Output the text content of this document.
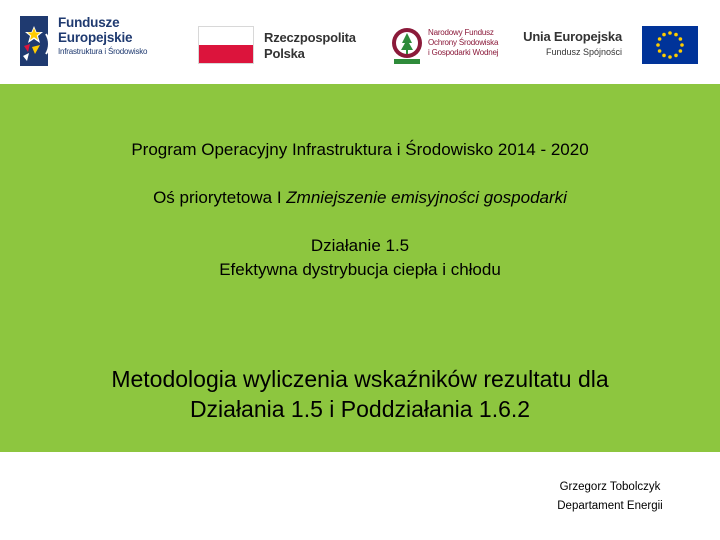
Fundusze
Europejskie
Infrastruktura i Środowisko
Rzeczpospolita
Polska
Narodowy Fundusz
Ochrony Środowiska
i Gospodarki Wodnej
Unia Europejska
Fundusz Spójności
Program Operacyjny Infrastruktura i Środowisko 2014 - 2020
Oś priorytetowa I Zmniejszenie emisyjności gospodarki
Działanie 1.5
Efektywna dystrybucja ciepła i chłodu
Metodologia wyliczenia wskaźników rezultatu dla
Działania 1.5 i Poddziałania 1.6.2
Grzegorz Tobolczyk
Departament Energii
